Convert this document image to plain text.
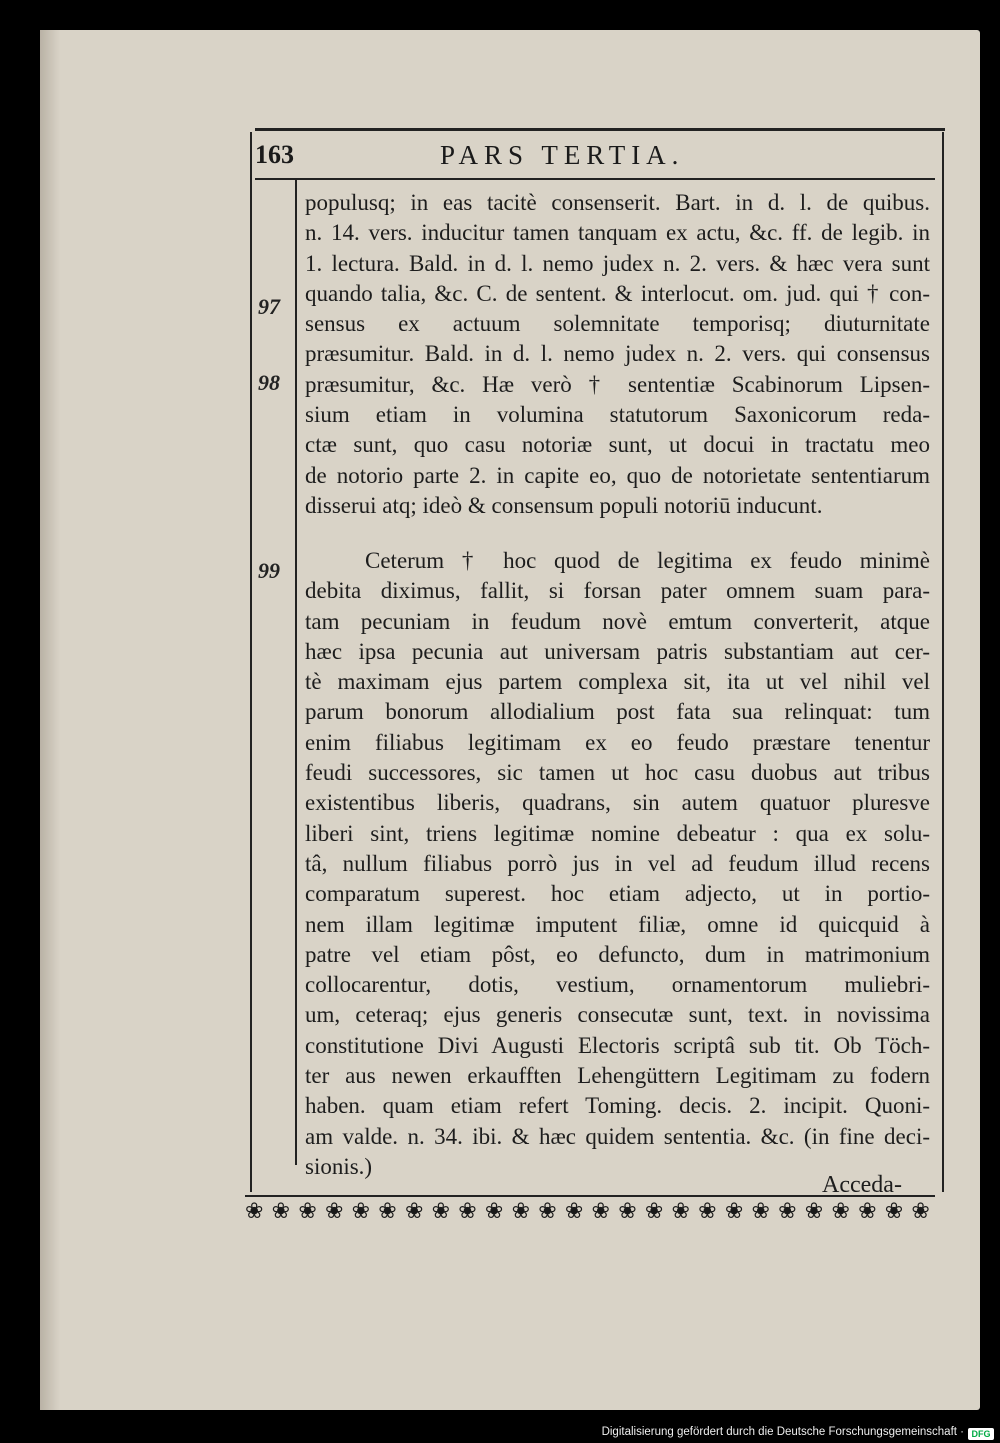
163	PARS TERTIA.
97
98
99
populusq; in eas tacitè consenserit. Bart. in d. l. de quibus.
n. 14. vers. inducitur tamen tanquam ex actu, &c. ff. de legib. in
1. lectura. Bald. in d. l. nemo judex n. 2. vers. & hæc vera sunt
quando talia, &c. C. de sentent. & interlocut. om. jud. qui † con-
sensus ex actuum solemnitate temporisq; diuturnitate
præsumitur. Bald. in d. l. nemo judex n. 2. vers. qui consensus
præsumitur, &c. Hæ verò † sententiæ Scabinorum Lipsen-
sium etiam in volumina statutorum Saxonicorum reda-
ctæ sunt, quo casu notoriæ sunt, ut docui in tractatu meo
de notorio parte 2. in capite eo, quo de notorietate sententiarum
disserui atq; ideò & consensum populi notoriū inducunt.
Ceterum † hoc quod de legitima ex feudo minimè
debita diximus, fallit, si forsan pater omnem suam para-
tam pecuniam in feudum novè emtum converterit, atque
hæc ipsa pecunia aut universam patris substantiam aut cer-
tè maximam ejus partem complexa sit, ita ut vel nihil vel
parum bonorum allodialium post fata sua relinquat: tum
enim filiabus legitimam ex eo feudo præstare tenentur
feudi successores, sic tamen ut hoc casu duobus aut tribus
existentibus liberis, quadrans, sin autem quatuor pluresve
liberi sint, triens legitimæ nomine debeatur : qua ex solu-
tâ, nullum filiabus porrò jus in vel ad feudum illud recens
comparatum superest. hoc etiam adjecto, ut in portio-
nem illam legitimæ imputent filiæ, omne id quicquid à
patre vel etiam pôst, eo defuncto, dum in matrimonium
collocarentur, dotis, vestium, ornamentorum muliebri-
um, ceteraq; ejus generis consecutæ sunt, text. in novissima
constitutione Divi Augusti Electoris scriptâ sub tit. Ob Töch-
ter aus newen erkaufften Lehengüttern Legitimam zu fodern
haben. quam etiam refert Toming. decis. 2. incipit. Quoni-
am valde. n. 34. ibi. & hæc quidem sententia. &c. (in fine deci-
sionis.)
Acceda-
❀ ❀ ❀ ❀ ❀ ❀ ❀ ❀ ❀ ❀ ❀ ❀ ❀ ❀ ❀ ❀ ❀ ❀ ❀ ❀ ❀ ❀ ❀ ❀ ❀ ❀
Digitalisierung gefördert durch die Deutsche Forschungsgemeinschaft · DFG
